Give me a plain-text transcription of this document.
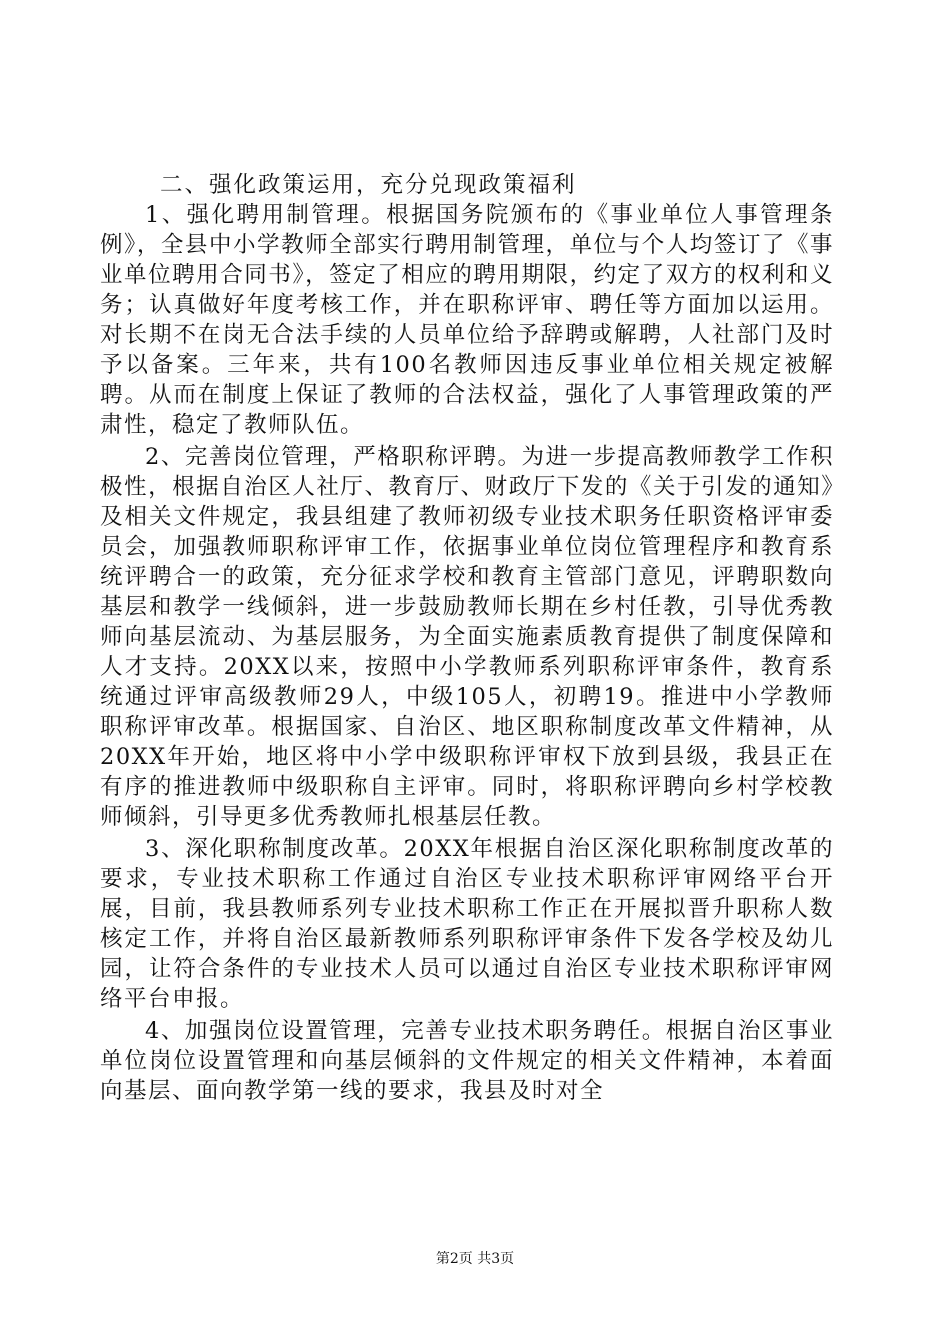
二、强化政策运用，充分兑现政策福利

1、强化聘用制管理。根据国务院颁布的《事业单位人事管理条例》，全县中小学教师全部实行聘用制管理，单位与个人均签订了《事业单位聘用合同书》，签定了相应的聘用期限，约定了双方的权利和义务；认真做好年度考核工作，并在职称评审、聘任等方面加以运用。对长期不在岗无合法手续的人员单位给予辞聘或解聘，人社部门及时予以备案。三年来，共有100名教师因违反事业单位相关规定被解聘。从而在制度上保证了教师的合法权益，强化了人事管理政策的严肃性，稳定了教师队伍。

2、完善岗位管理，严格职称评聘。为进一步提高教师教学工作积极性，根据自治区人社厅、教育厅、财政厅下发的《关于引发的通知》及相关文件规定，我县组建了教师初级专业技术职务任职资格评审委员会，加强教师职称评审工作，依据事业单位岗位管理程序和教育系统评聘合一的政策，充分征求学校和教育主管部门意见，评聘职数向基层和教学一线倾斜，进一步鼓励教师长期在乡村任教，引导优秀教师向基层流动、为基层服务，为全面实施素质教育提供了制度保障和人才支持。20XX以来，按照中小学教师系列职称评审条件，教育系统通过评审高级教师29人，中级105人，初聘19。推进中小学教师职称评审改革。根据国家、自治区、地区职称制度改革文件精神，从20XX年开始，地区将中小学中级职称评审权下放到县级，我县正在有序的推进教师中级职称自主评审。同时，将职称评聘向乡村学校教师倾斜，引导更多优秀教师扎根基层任教。

3、深化职称制度改革。20XX年根据自治区深化职称制度改革的要求，专业技术职称工作通过自治区专业技术职称评审网络平台开展，目前，我县教师系列专业技术职称工作正在开展拟晋升职称人数核定工作，并将自治区最新教师系列职称评审条件下发各学校及幼儿园，让符合条件的专业技术人员可以通过自治区专业技术职称评审网络平台申报。

4、加强岗位设置管理，完善专业技术职务聘任。根据自治区事业单位岗位设置管理和向基层倾斜的文件规定的相关文件精神，本着面向基层、面向教学第一线的要求，我县及时对全

第2页 共3页
